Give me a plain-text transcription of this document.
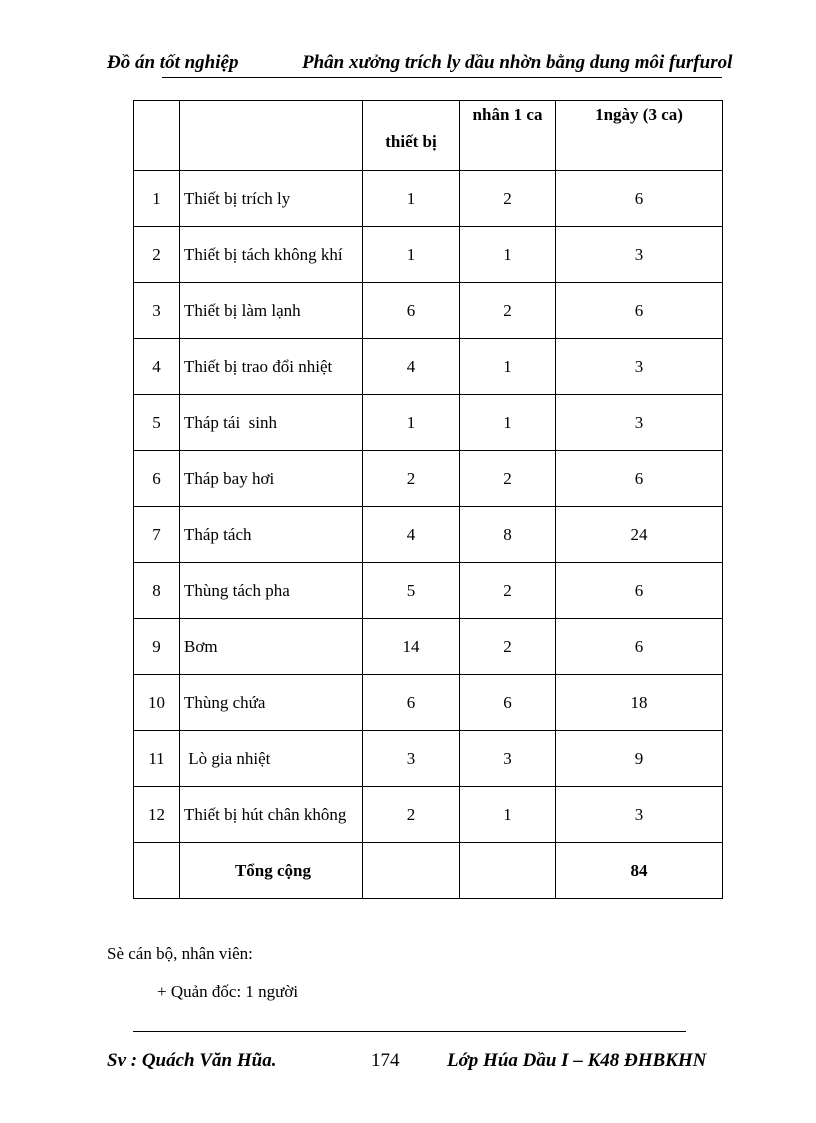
Đồ án tốt nghiệp	Phân xưởng trích ly dầu nhờn bằng dung môi furfurol
		thiết bị	nhân 1 ca	1ngày (3 ca)
1	Thiết bị trích ly	1	2	6
2	Thiết bị tách không khí	1	1	3
3	Thiết bị làm lạnh	6	2	6
4	Thiết bị trao đổi nhiệt	4	1	3
5	Tháp tái  sinh	1	1	3
6	Tháp bay hơi	2	2	6
7	Tháp tách	4	8	24
8	Thùng tách pha	5	2	6
9	Bơm	14	2	6
10	Thùng chứa	6	6	18
11	Lò gia nhiệt	3	3	9
12	Thiết bị hút chân không	2	1	3
	Tổng cộng			84
Sè cán bộ, nhân viên:
+ Quản đốc: 1 người
Sv : Quách Văn Hũa.	174	Lớp Húa Dầu I – K48 ĐHBKHN
